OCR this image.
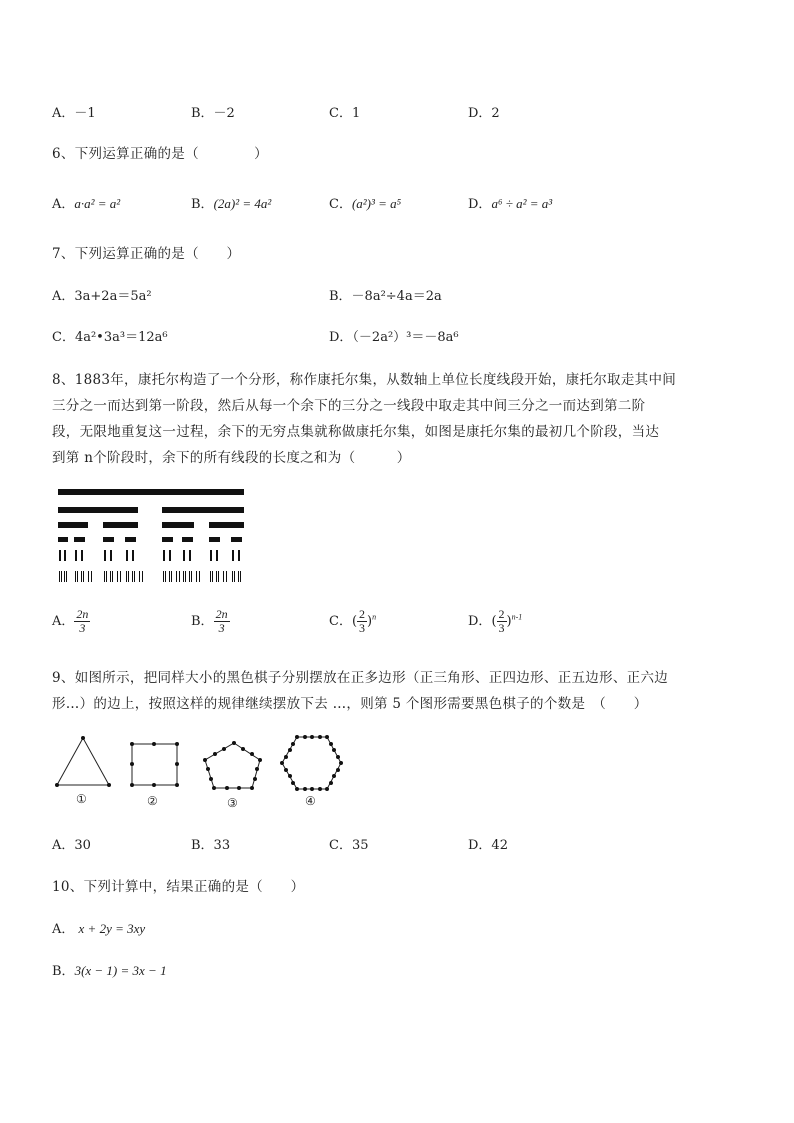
A．－1	B．－2	C．1	D．2
6、下列运算正确的是（　　　　）
A．a·a² = a²	B．(2a)² = 4a²	C．(a²)³ = a⁵	D．a⁶ ÷ a² = a³
7、下列运算正确的是（　　）
A．3a+2a＝5a²	B．－8a²÷4a＝2a
C．4a²•3a³＝12a⁶	D．（－2a²）³＝－8a⁶
8、1883年，康托尔构造了一个分形，称作康托尔集，从数轴上单位长度线段开始，康托尔取走其中间
三分之一而达到第一阶段，然后从每一个余下的三分之一线段中取走其中间三分之一而达到第二阶
段，无限地重复这一过程，余下的无穷点集就称做康托尔集，如图是康托尔集的最初几个阶段，当达
到第 n个阶段时，余下的所有线段的长度之和为（　　　）
A． $\frac{2n}{3}$	B． $\frac{2n}{3}$	C．( $\frac{2}{3} )^n$	D．( $\frac{2}{3} )^{n-1}$
9、如图所示，把同样大小的黑色棋子分别摆放在正多边形（正三角形、正四边形、正五边形、正六边
形…）的边上，按照这样的规律继续摆放下去 …，则第 5 个图形需要黑色棋子的个数是　（　　）
①	②	③	④
A．30	B．33	C．35	D．42
10、下列计算中，结果正确的是（　　）
A． x + 2y = 3xy
B．3(x − 1) = 3x − 1
